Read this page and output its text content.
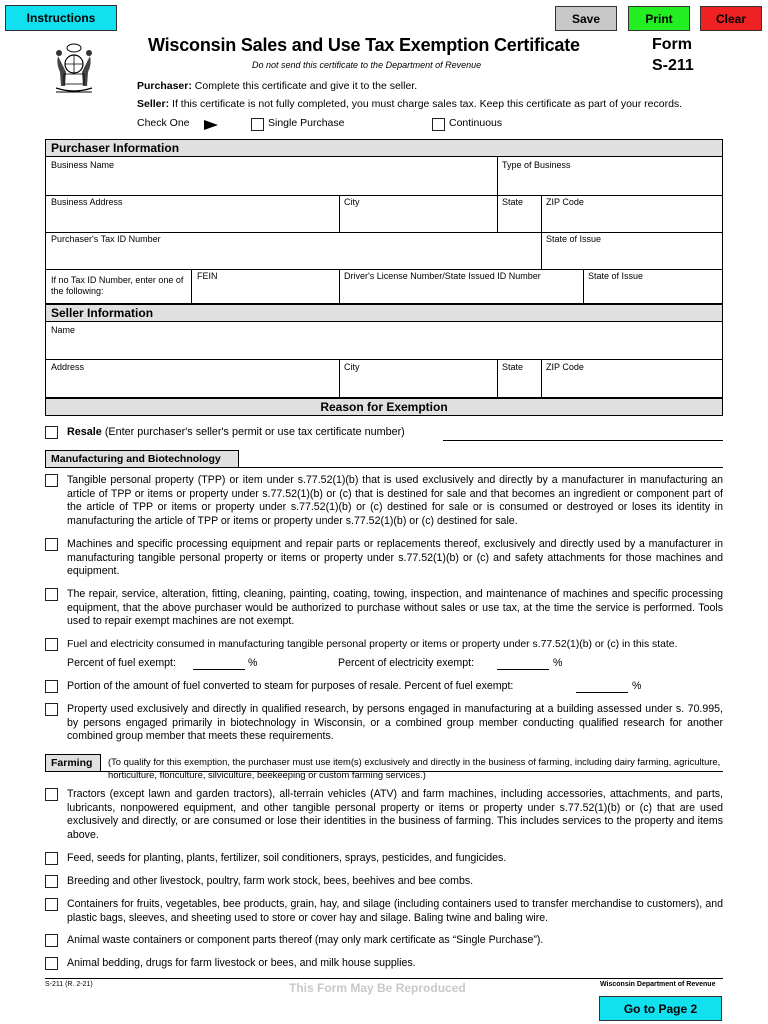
Instructions	Save	Print	Clear
Wisconsin Sales and Use Tax Exemption Certificate
Do not send this certificate to the Department of Revenue
Form
S-211
Purchaser: Complete this certificate and give it to the seller.
Seller: If this certificate is not fully completed, you must charge sales tax. Keep this certificate as part of your records.
Check One	Single Purchase	Continuous
Purchaser Information
Business Name	Type of Business
Business Address	City	State	ZIP Code
Purchaser's Tax ID Number	State of Issue
If no Tax ID Number, enter one of the following:
FEIN	Driver's License Number/State Issued ID Number	State of Issue
Seller Information
Name
Address	City	State	ZIP Code
Reason for Exemption
Resale (Enter purchaser's seller's permit or use tax certificate number)
Manufacturing and Biotechnology
Tangible personal property (TPP) or item under s.77.52(1)(b) that is used exclusively and directly by a manufacturer in manufacturing an article of TPP or items or property under s.77.52(1)(b) or (c) that is destined for sale and that becomes an ingredient or component part of the article of TPP or items or property under s.77.52(1)(b) or (c) destined for sale or is consumed or destroyed or loses its identity in manufacturing the article of TPP or items or property under s.77.52(1)(b) or (c) destined for sale.
Machines and specific processing equipment and repair parts or replacements thereof, exclusively and directly used by a manufacturer in manufacturing tangible personal property or items or property under s.77.52(1)(b) or (c) and safety attachments for those machines and equipment.
The repair, service, alteration, fitting, cleaning, painting, coating, towing, inspection, and maintenance of machines and specific processing equipment, that the above purchaser would be authorized to purchase without sales or use tax, at the time the service is performed. Tools used to repair exempt machines are not exempt.
Fuel and electricity consumed in manufacturing tangible personal property or items or property under s.77.52(1)(b) or (c) in this state.
Percent of fuel exempt:	%	Percent of electricity exempt:	%
Portion of the amount of fuel converted to steam for purposes of resale. Percent of fuel exempt:	%
Property used exclusively and directly in qualified research, by persons engaged in manufacturing at a building assessed under s. 70.995, by persons engaged primarily in biotechnology in Wisconsin, or a combined group member conducting qualified research for another combined group member that meets these requirements.
Farming	(To qualify for this exemption, the purchaser must use item(s) exclusively and directly in the business of farming, including dairy farming, agriculture, horticulture, floriculture, silviculture, beekeeping or custom farming services.)
Tractors (except lawn and garden tractors), all-terrain vehicles (ATV) and farm machines, including accessories, attachments, and parts, lubricants, nonpowered equipment, and other tangible personal property or items or property under s.77.52(1)(b) or (c) that are used exclusively and directly, or are consumed or lose their identities in the business of farming. This includes services to the property and items above.
Feed, seeds for planting, plants, fertilizer, soil conditioners, sprays, pesticides, and fungicides.
Breeding and other livestock, poultry, farm work stock, bees, beehives and bee combs.
Containers for fruits, vegetables, bee products, grain, hay, and silage (including containers used to transfer merchandise to customers), and plastic bags, sleeves, and sheeting used to store or cover hay and silage. Baling twine and baling wire.
Animal waste containers or component parts thereof (may only mark certificate as “Single Purchase”).
Animal bedding, drugs for farm livestock or bees, and milk house supplies.
S-211 (R. 2-21)	This Form May Be Reproduced	Wisconsin Department of Revenue
Go to Page 2
